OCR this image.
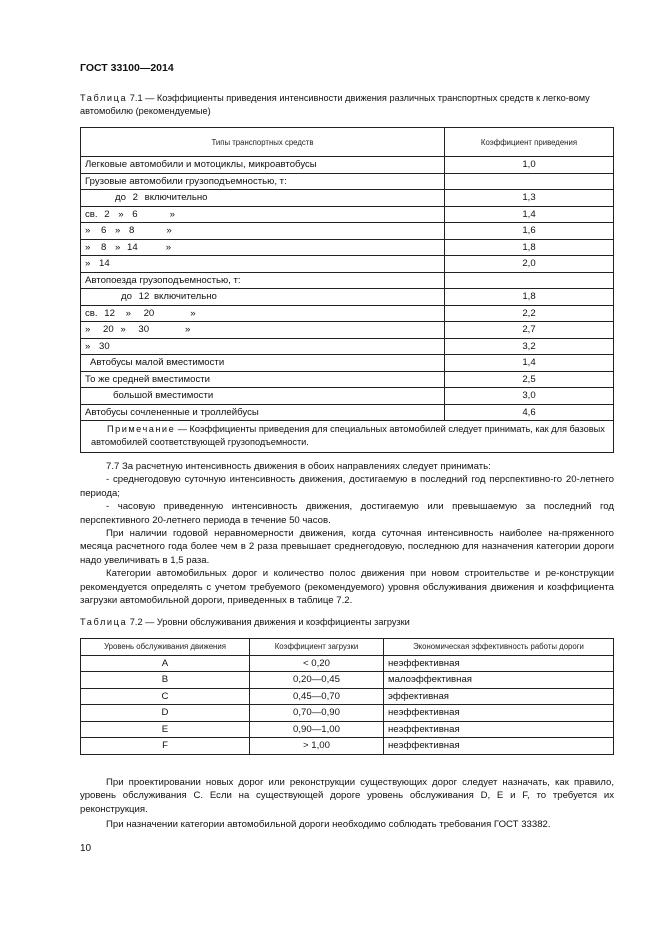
ГОСТ 33100—2014
Таблица 7.1 — Коэффициенты приведения интенсивности движения различных транспортных средств к легко-вому автомобилю (рекомендуемые)
Типы транспортных средств	Коэффициент приведения
Легковые автомобили и мотоциклы, микроавтобусы	1,0
Грузовые автомобили грузоподъемностью, т:	
до 2 включительно	1,3
св. 2 » 6 »	1,4
» 6 » 8 »	1,6
» 8 » 14 »	1,8
» 14	2,0
Автопоезда грузоподъемностью, т:	
до 12 включительно	1,8
св. 12 » 20 »	2,2
» 20 » 30 »	2,7
» 30	3,2
Автобусы малой вместимости	1,4
То же средней вместимости	2,5
большой вместимости	3,0
Автобусы сочлененные и троллейбусы	4,6
Примечание — Коэффициенты приведения для специальных автомобилей следует принимать, как для базовых автомобилей соответствующей грузоподъемности.	

7.7 За расчетную интенсивность движения в обоих направлениях следует принимать:

- среднегодовую суточную интенсивность движения, достигаемую в последний год перспективно-го 20-летнего периода;

- часовую приведенную интенсивность движения, достигаемую или превышаемую за последний год перспективного 20-летнего периода в течение 50 часов.

При наличии годовой неравномерности движения, когда суточная интенсивность наиболее на-пряженного месяца расчетного года более чем в 2 раза превышает среднегодовую, последнюю для назначения категории дороги надо увеличивать в 1,5 раза.

Категории автомобильных дорог и количество полос движения при новом строительстве и ре-конструкции рекомендуется определять с учетом требуемого (рекомендуемого) уровня обслуживания движения и коэффициента загрузки автомобильной дороги, приведенных в таблице 7.2.

Таблица 7.2 — Уровни обслуживания движения и коэффициенты загрузки
Уровень обслуживания движения	Коэффициент загрузки	Экономическая эффективность работы дороги
A	< 0,20	неэффективная
B	0,20—0,45	малоэффективная
C	0,45—0,70	эффективная
D	0,70—0,90	неэффективная
E	0,90—1,00	неэффективная
F	> 1,00	неэффективная

При проектировании новых дорог или реконструкции существующих дорог следует назначать, как правило, уровень обслуживания С. Если на существующей дороге уровень обслуживания D, E и F, то требуется их реконструкция.

При назначении категории автомобильной дороги необходимо соблюдать требования ГОСТ 33382.

10
